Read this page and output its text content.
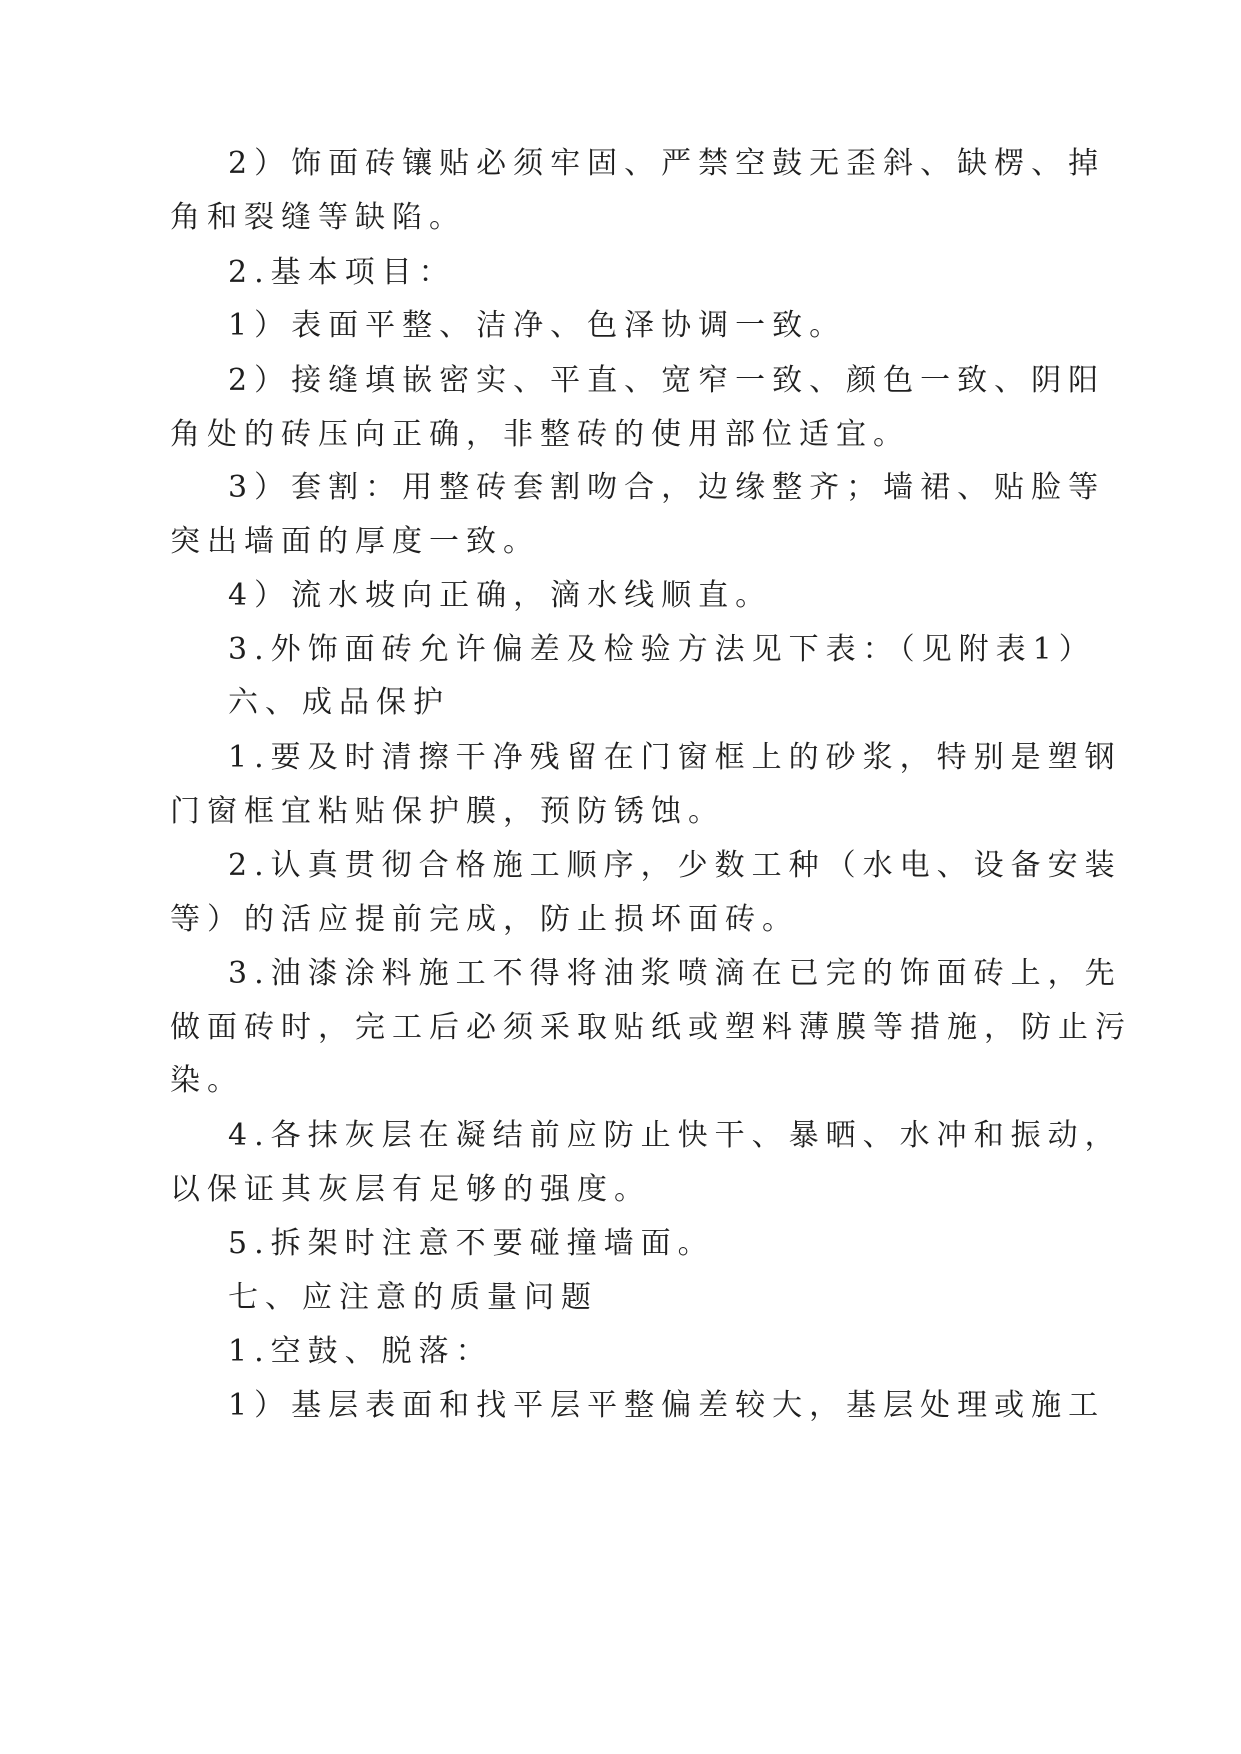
2）饰面砖镶贴必须牢固、严禁空鼓无歪斜、缺楞、掉
角和裂缝等缺陷。
2.基本项目：
1）表面平整、洁净、色泽协调一致。
2）接缝填嵌密实、平直、宽窄一致、颜色一致、阴阳
角处的砖压向正确，非整砖的使用部位适宜。
3）套割：用整砖套割吻合，边缘整齐；墙裙、贴脸等
突出墙面的厚度一致。
4）流水坡向正确，滴水线顺直。
3.外饰面砖允许偏差及检验方法见下表：（见附表1）
六、成品保护
1.要及时清擦干净残留在门窗框上的砂浆，特别是塑钢
门窗框宜粘贴保护膜，预防锈蚀。
2.认真贯彻合格施工顺序，少数工种（水电、设备安装
等）的活应提前完成，防止损坏面砖。
3.油漆涂料施工不得将油浆喷滴在已完的饰面砖上，先
做面砖时，完工后必须采取贴纸或塑料薄膜等措施，防止污
染。
4.各抹灰层在凝结前应防止快干、暴晒、水冲和振动，
以保证其灰层有足够的强度。
5.拆架时注意不要碰撞墙面。
七、应注意的质量问题
1.空鼓、脱落：
1）基层表面和找平层平整偏差较大，基层处理或施工
